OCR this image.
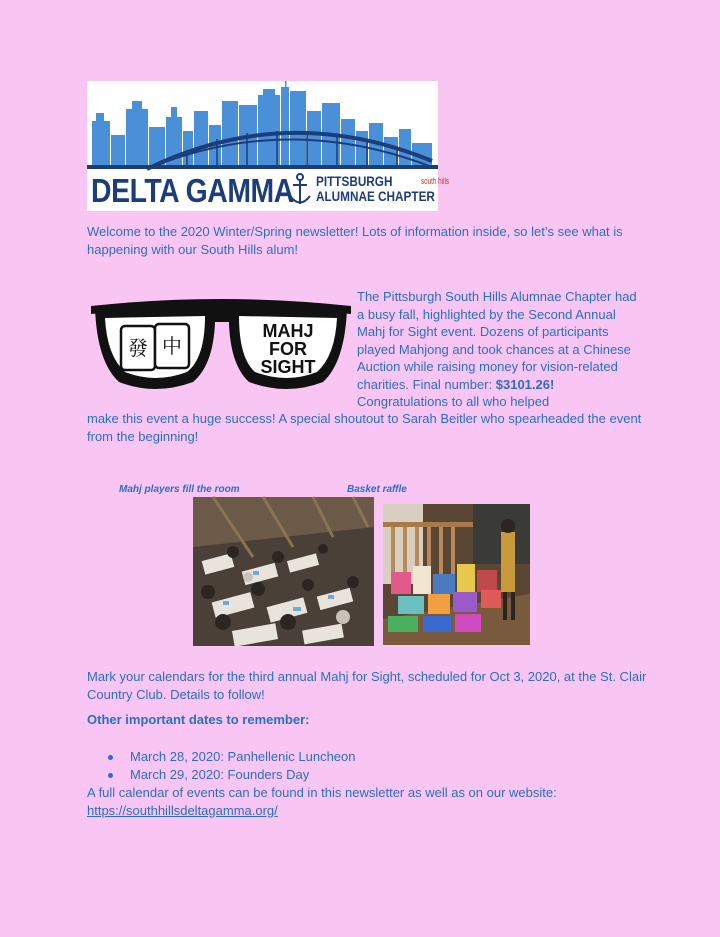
DELTA GAMMA PITTSBURGH	south hills
ALUMNAE CHAPTER
Welcome to the 2020 Winter/Spring newsletter! Lots of information inside, so let’s see what is happening with our South Hills alum!
發 中
MAHJ
FOR
SIGHT
The Pittsburgh South Hills Alumnae Chapter had a busy fall, highlighted by the Second Annual Mahj for Sight event. Dozens of participants played Mahjong and took chances at a Chinese Auction while raising money for vision-related charities. Final number: $3101.26! Congratulations to all who helped
make this event a huge success! A special shoutout to Sarah Beitler who spearheaded the event from the beginning!
Mahj players fill the room	Basket raffle
Mark your calendars for the third annual Mahj for Sight, scheduled for Oct 3, 2020, at the St. Clair Country Club. Details to follow!
Other important dates to remember:
March 28, 2020: Panhellenic Luncheon
March 29, 2020: Founders Day
A full calendar of events can be found in this newsletter as well as on our website:
https://southhillsdeltagamma.org/
